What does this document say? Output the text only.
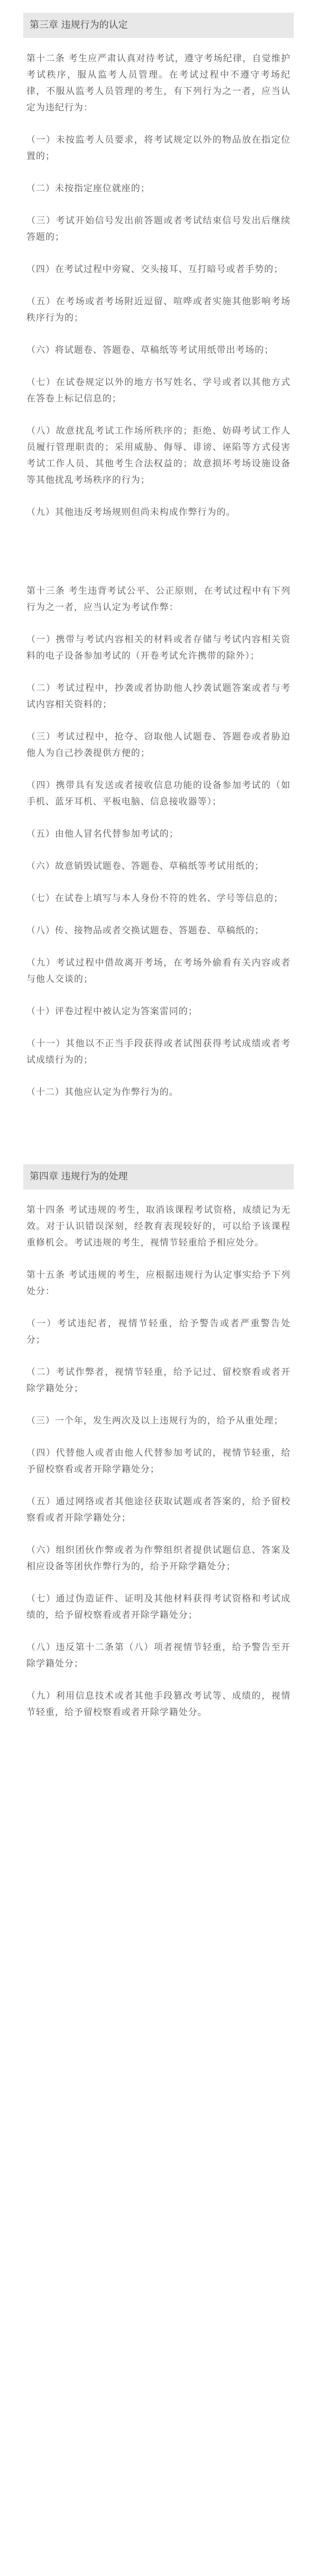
第三章 违规行为的认定

第十二条 考生应严肃认真对待考试，遵守考场纪律，自觉维护考试秩序，服从监考人员管理。在考试过程中不遵守考场纪律，不服从监考人员管理的考生，有下列行为之一者，应当认定为违纪行为：

（一）未按监考人员要求，将考试规定以外的物品放在指定位置的；

（二）未按指定座位就座的；

（三）考试开始信号发出前答题或者考试结束信号发出后继续答题的；

（四）在考试过程中旁窥、交头接耳、互打暗号或者手势的；

（五）在考场或者考场附近逗留、喧哗或者实施其他影响考场秩序行为的；

（六）将试题卷、答题卷、草稿纸等考试用纸带出考场的；

（七）在试卷规定以外的地方书写姓名、学号或者以其他方式在答卷上标记信息的；

（八）故意扰乱考试工作场所秩序的；拒绝、妨碍考试工作人员履行管理职责的；采用威胁、侮辱、诽谤、诬陷等方式侵害考试工作人员、其他考生合法权益的；故意损坏考场设施设备等其他扰乱考场秩序的行为；

（九）其他违反考场规则但尚未构成作弊行为的。

第十三条 考生违背考试公平、公正原则，在考试过程中有下列行为之一者，应当认定为考试作弊：

（一）携带与考试内容相关的材料或者存储与考试内容相关资料的电子设备参加考试的（开卷考试允许携带的除外）；

（二）考试过程中，抄袭或者协助他人抄袭试题答案或者与考试内容相关资料的；

（三）考试过程中，抢夺、窃取他人试题卷、答题卷或者胁迫他人为自己抄袭提供方便的；

（四）携带具有发送或者接收信息功能的设备参加考试的（如手机、蓝牙耳机、平板电脑、信息接收器等）；

（五）由他人冒名代替参加考试的；

（六）故意销毁试题卷、答题卷、草稿纸等考试用纸的；

（七）在试卷上填写与本人身份不符的姓名、学号等信息的；

（八）传、接物品或者交换试题卷、答题卷、草稿纸的；

（九）考试过程中借故离开考场，在考场外偷看有关内容或者与他人交谈的；

（十）评卷过程中被认定为答案雷同的；

（十一）其他以不正当手段获得或者试图获得考试成绩或者考试成绩行为的；

（十二）其他应认定为作弊行为的。

第四章 违规行为的处理

第十四条 考试违规的考生，取消该课程考试资格，成绩记为无效。对于认识错误深刻，经教育表现较好的，可以给予该课程重修机会。考试违规的考生，视情节轻重给予相应处分。

第十五条 考试违规的考生，应根据违规行为认定事实给予下列处分：

（一）考试违纪者，视情节轻重，给予警告或者严重警告处分；

（二）考试作弊者，视情节轻重，给予记过、留校察看或者开除学籍处分；

（三）一个年，发生两次及以上违规行为的，给予从重处理；

（四）代替他人或者由他人代替参加考试的，视情节轻重，给予留校察看或者开除学籍处分；

（五）通过网络或者其他途径获取试题或者答案的，给予留校察看或者开除学籍处分；

（六）组织团伙作弊或者为作弊组织者提供试题信息、答案及相应设备等团伙作弊行为的，给予开除学籍处分；

（七）通过伪造证件、证明及其他材料获得考试资格和考试成绩的，给予留校察看或者开除学籍处分；

（八）违反第十二条第（八）项者视情节轻重，给予警告至开除学籍处分；

（九）利用信息技术或者其他手段篡改考试等、成绩的，视情节轻重，给予留校察看或者开除学籍处分。
